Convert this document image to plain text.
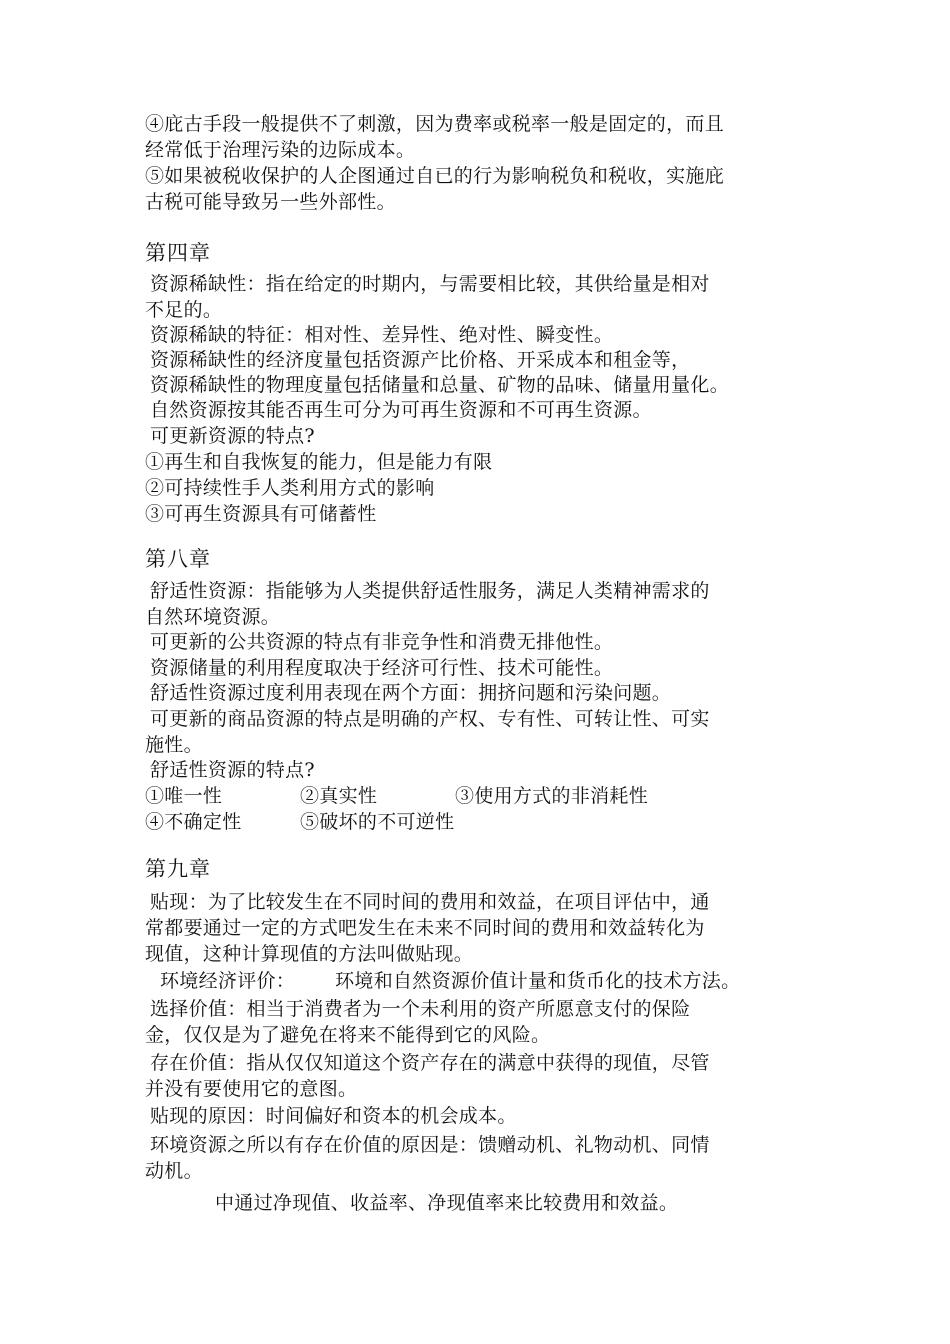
④庇古手段一般提供不了刺激，因为费率或税率一般是固定的，而且
经常低于治理污染的边际成本。
⑤如果被税收保护的人企图通过自已的行为影响税负和税收，实施庇
古税可能导致另一些外部性。
第四章
资源稀缺性：指在给定的时期内，与需要相比较，其供给量是相对
不足的。
资源稀缺的特征：相对性、差异性、绝对性、瞬变性。
资源稀缺性的经济度量包括资源产比价格、开采成本和租金等，
资源稀缺性的物理度量包括储量和总量、矿物的品味、储量用量化。
自然资源按其能否再生可分为可再生资源和不可再生资源。
可更新资源的特点?
①再生和自我恢复的能力，但是能力有限
②可持续性手人类利用方式的影响
③可再生资源具有可储蓄性
第八章
舒适性资源：指能够为人类提供舒适性服务，满足人类精神需求的
自然环境资源。
可更新的公共资源的特点有非竞争性和消费无排他性。
资源储量的利用程度取决于经济可行性、技术可能性。
舒适性资源过度利用表现在两个方面：拥挤问题和污染问题。
可更新的商品资源的特点是明确的产权、专有性、可转让性、可实
施性。
舒适性资源的特点?
①唯一性	②真实性	③使用方式的非消耗性
④不确定性	⑤破坏的不可逆性
第九章
贴现：为了比较发生在不同时间的费用和效益，在项目评估中，通
常都要通过一定的方式吧发生在未来不同时间的费用和效益转化为
现值，这种计算现值的方法叫做贴现。
环境经济评价： 环境和自然资源价值计量和货币化的技术方法。
选择价值：相当于消费者为一个未利用的资产所愿意支付的保险
金，仅仅是为了避免在将来不能得到它的风险。
存在价值：指从仅仅知道这个资产存在的满意中获得的现值，尽管
并没有要使用它的意图。
贴现的原因：时间偏好和资本的机会成本。
环境资源之所以有存在价值的原因是：馈赠动机、礼物动机、同情
动机。
中通过净现值、收益率、净现值率来比较费用和效益。
